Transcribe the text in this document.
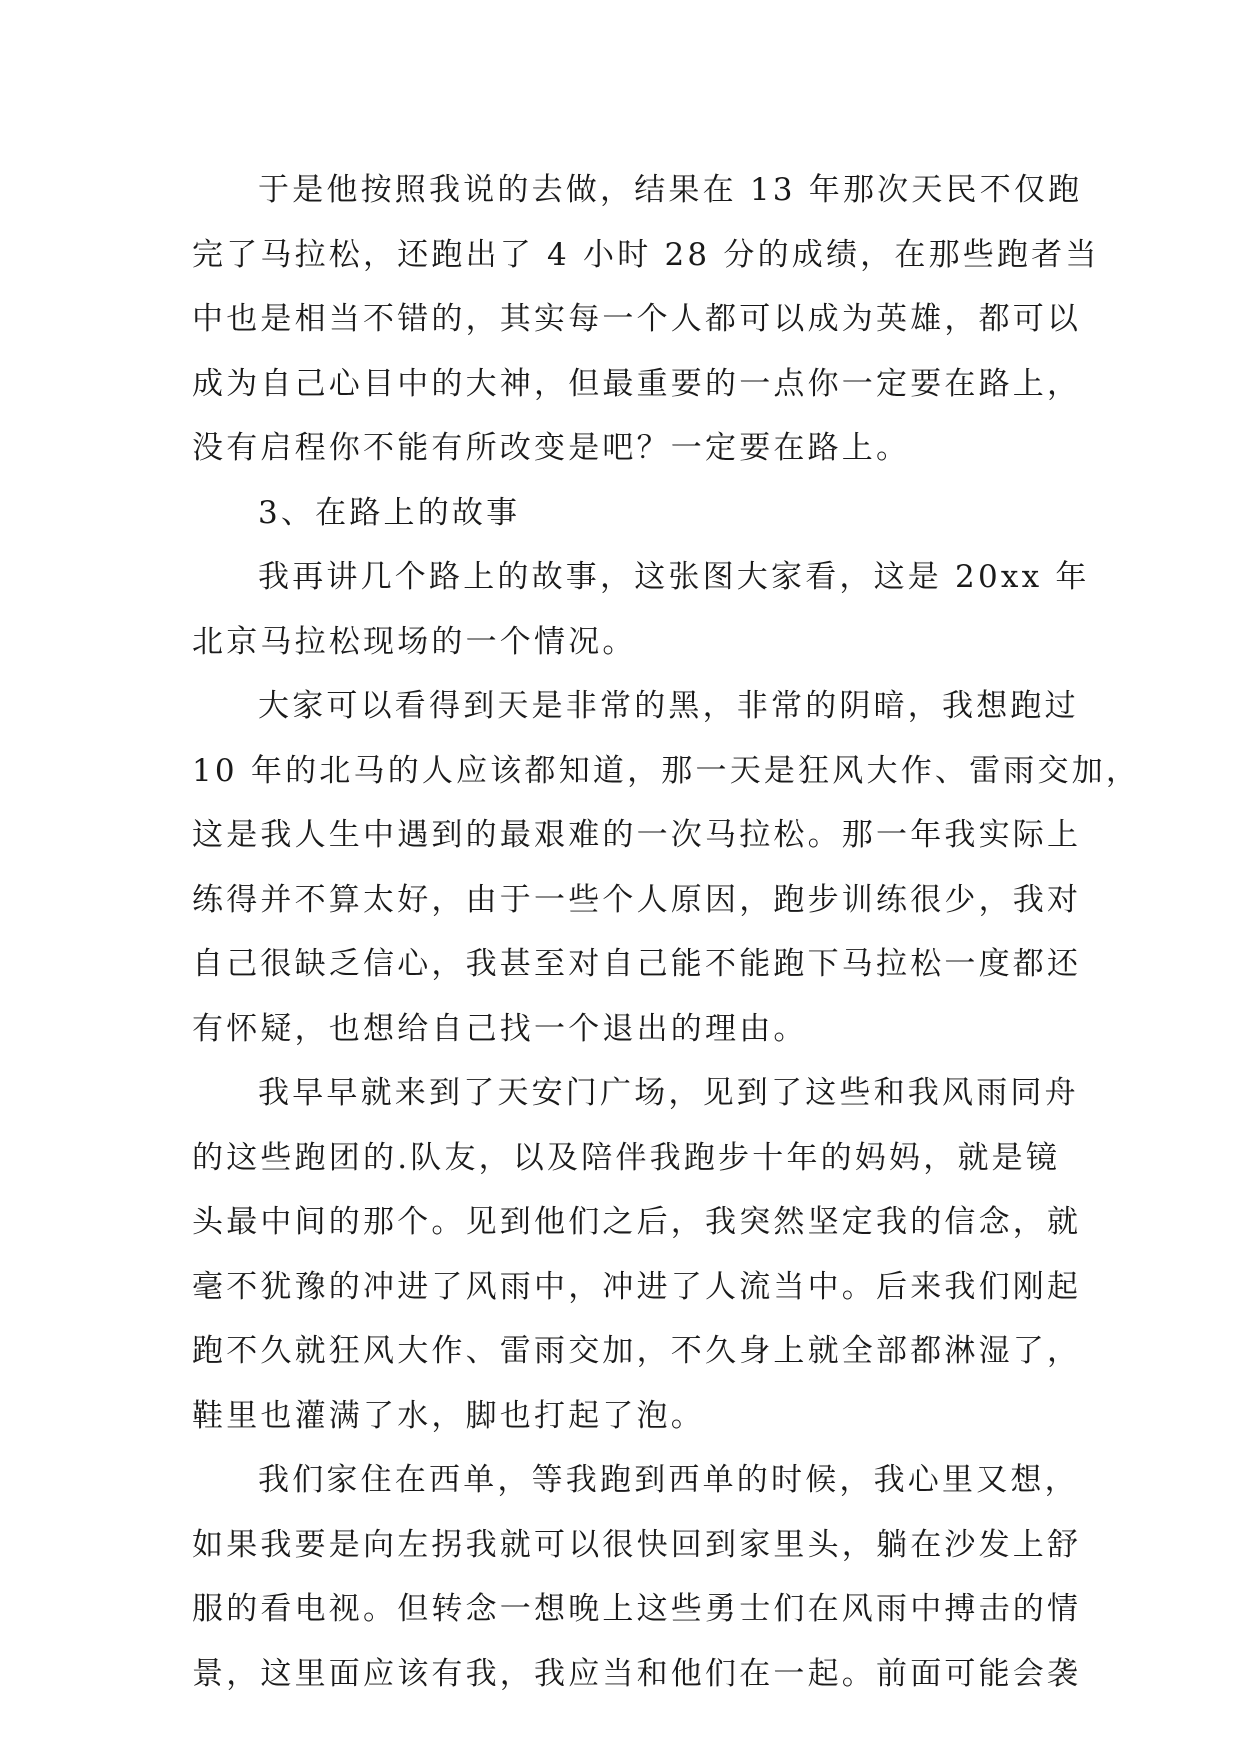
于是他按照我说的去做，结果在 13 年那次天民不仅跑
完了马拉松，还跑出了 4 小时 28 分的成绩，在那些跑者当
中也是相当不错的，其实每一个人都可以成为英雄，都可以
成为自己心目中的大神，但最重要的一点你一定要在路上，
没有启程你不能有所改变是吧？一定要在路上。
3、在路上的故事
我再讲几个路上的故事，这张图大家看，这是 20xx 年
北京马拉松现场的一个情况。
大家可以看得到天是非常的黑，非常的阴暗，我想跑过
10 年的北马的人应该都知道，那一天是狂风大作、雷雨交加，
这是我人生中遇到的最艰难的一次马拉松。那一年我实际上
练得并不算太好，由于一些个人原因，跑步训练很少，我对
自己很缺乏信心，我甚至对自己能不能跑下马拉松一度都还
有怀疑，也想给自己找一个退出的理由。
我早早就来到了天安门广场，见到了这些和我风雨同舟
的这些跑团的.队友，以及陪伴我跑步十年的妈妈，就是镜
头最中间的那个。见到他们之后，我突然坚定我的信念，就
毫不犹豫的冲进了风雨中，冲进了人流当中。后来我们刚起
跑不久就狂风大作、雷雨交加，不久身上就全部都淋湿了，
鞋里也灌满了水，脚也打起了泡。
我们家住在西单，等我跑到西单的时候，我心里又想，
如果我要是向左拐我就可以很快回到家里头，躺在沙发上舒
服的看电视。但转念一想晚上这些勇士们在风雨中搏击的情
景，这里面应该有我，我应当和他们在一起。前面可能会袭
